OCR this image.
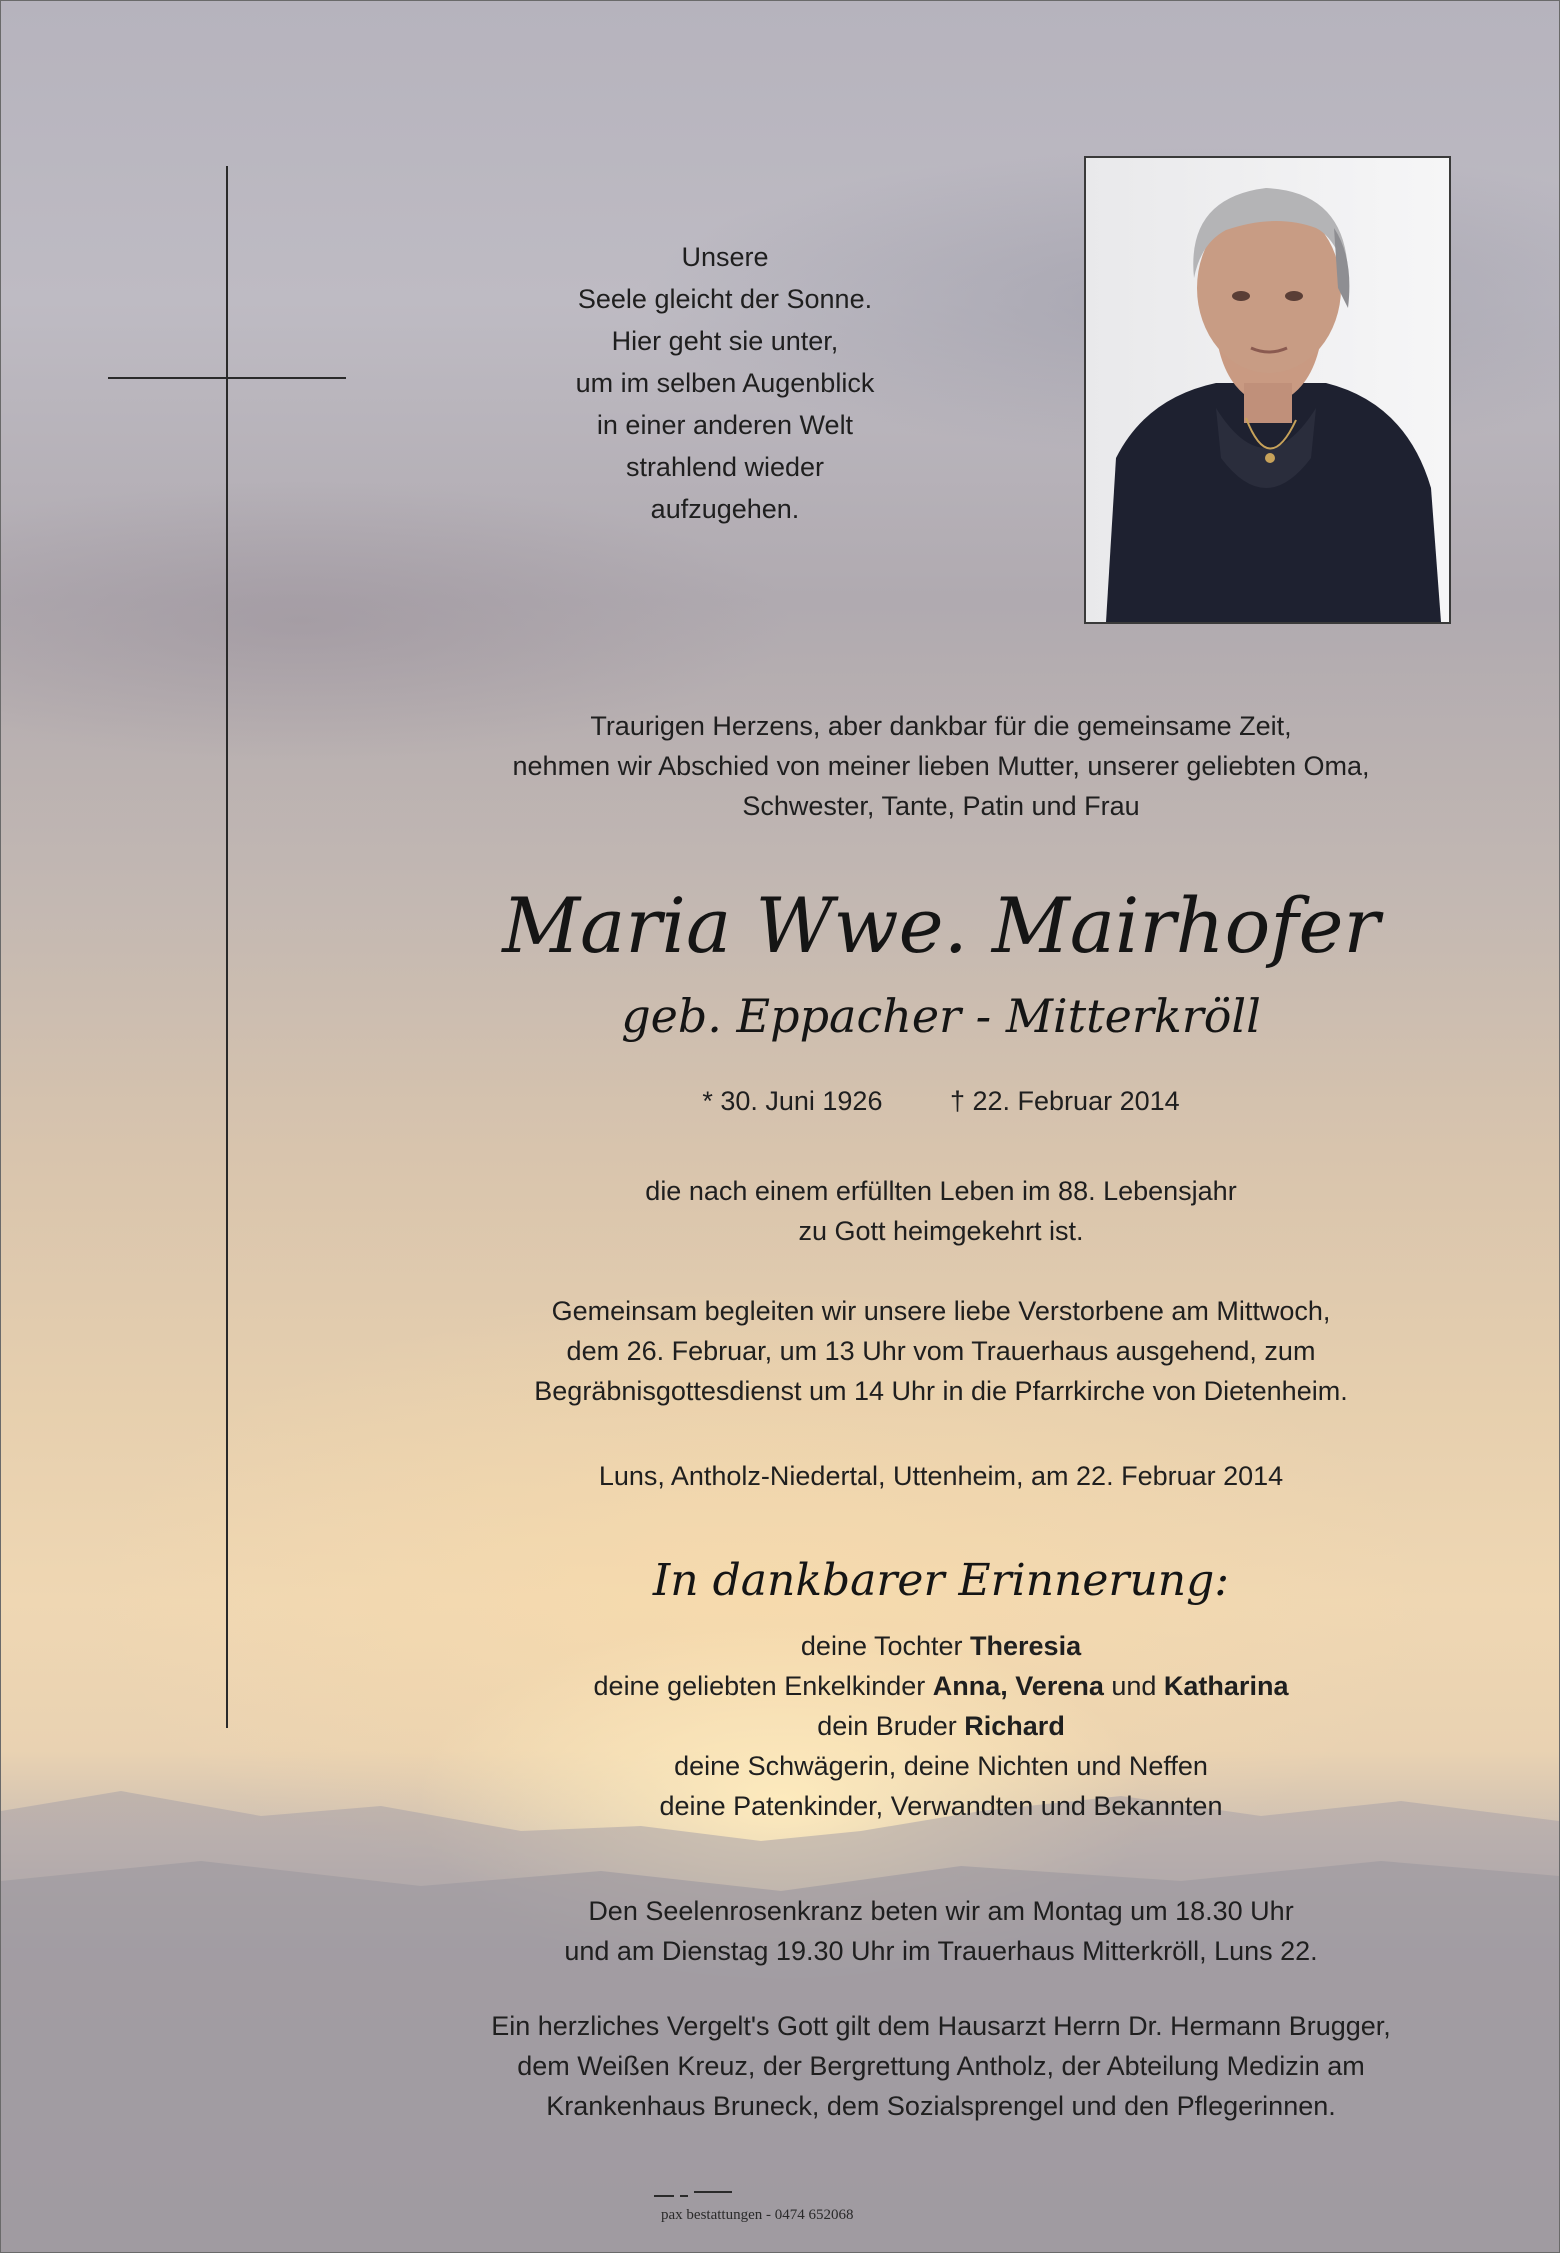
Unsere
Seele gleicht der Sonne.
Hier geht sie unter,
um im selben Augenblick
in einer anderen Welt
strahlend wieder
aufzugehen.
Traurigen Herzens, aber dankbar für die gemeinsame Zeit,
nehmen wir Abschied von meiner lieben Mutter, unserer geliebten Oma,
Schwester, Tante, Patin und Frau
Maria Wwe. Mairhofer
geb. Eppacher - Mitterkröll
* 30. Juni 1926	† 22. Februar 2014
die nach einem erfüllten Leben im 88. Lebensjahr
zu Gott heimgekehrt ist.
Gemeinsam begleiten wir unsere liebe Verstorbene am Mittwoch,
dem 26. Februar, um 13 Uhr vom Trauerhaus ausgehend, zum
Begräbnisgottesdienst um 14 Uhr in die Pfarrkirche von Dietenheim.
Luns, Antholz-Niedertal, Uttenheim, am 22. Februar 2014
In dankbarer Erinnerung:
deine Tochter Theresia
deine geliebten Enkelkinder Anna, Verena und Katharina
dein Bruder Richard
deine Schwägerin, deine Nichten und Neffen
deine Patenkinder, Verwandten und Bekannten
Den Seelenrosenkranz beten wir am Montag um 18.30 Uhr
und am Dienstag 19.30 Uhr im Trauerhaus Mitterkröll, Luns 22.
Ein herzliches Vergelt's Gott gilt dem Hausarzt Herrn Dr. Hermann Brugger,
dem Weißen Kreuz, der Bergrettung Antholz, der Abteilung Medizin am
Krankenhaus Bruneck, dem Sozialsprengel und den Pflegerinnen.
pax bestattungen - 0474 652068
